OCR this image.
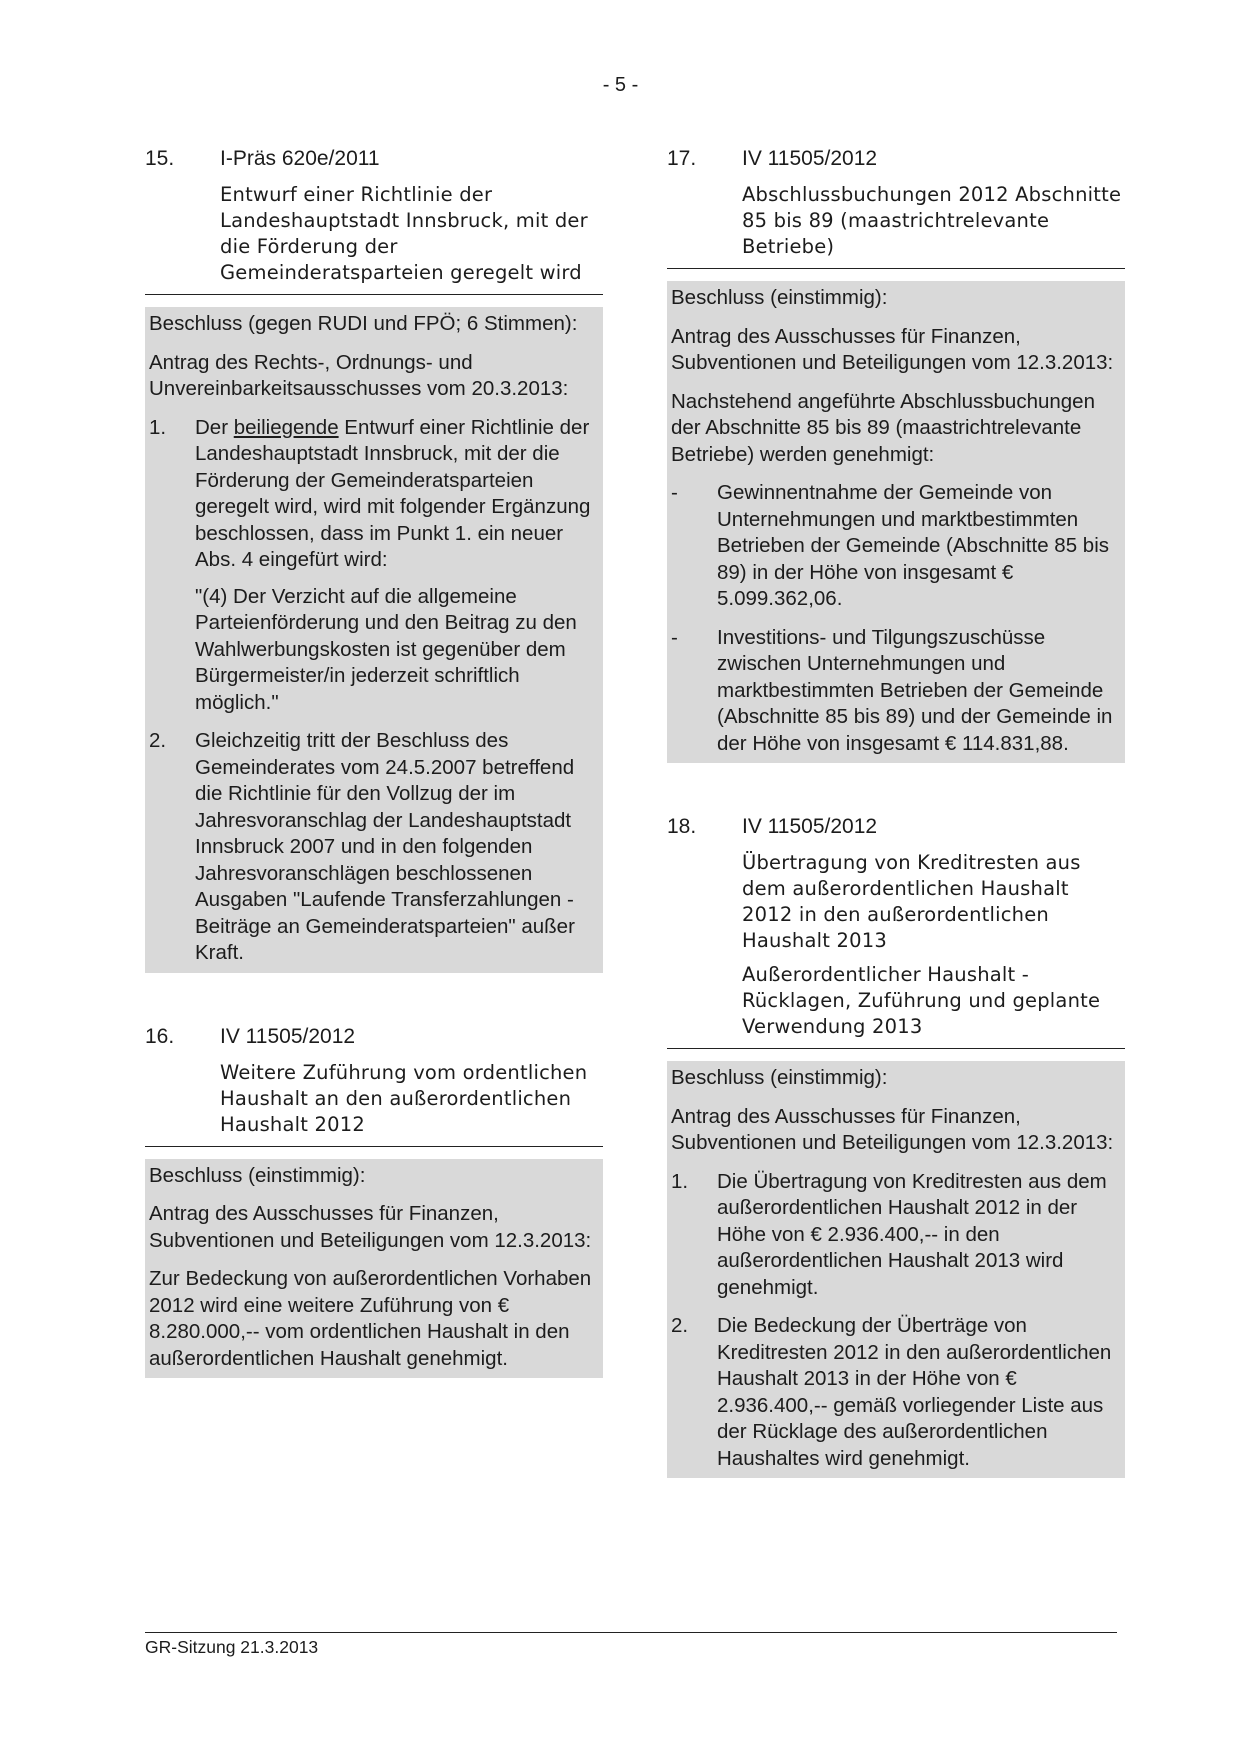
- 5 -
15.	I-Präs 620e/2011
Entwurf einer Richtlinie der Landeshauptstadt Innsbruck, mit der die Förderung der Gemeinderatsparteien geregelt wird

Beschluss (gegen RUDI und FPÖ; 6 Stimmen):

Antrag des Rechts-, Ordnungs- und Unvereinbarkeitsausschusses vom 20.3.2013:

1.	Der beiliegende Entwurf einer Richtlinie der Landeshauptstadt Innsbruck, mit der die Förderung der Gemeinderatsparteien geregelt wird, wird mit folgender Ergänzung beschlossen, dass im Punkt 1. ein neuer Abs. 4 eingefürt wird:
"(4) Der Verzicht auf die allgemeine Parteienförderung und den Beitrag zu den Wahlwerbungskosten ist gegenüber dem Bürgermeister/in jederzeit schriftlich möglich."
2.	Gleichzeitig tritt der Beschluss des Gemeinderates vom 24.5.2007 betreffend die Richtlinie für den Vollzug der im Jahresvoranschlag der Landeshauptstadt Innsbruck 2007 und in den folgenden Jahresvoranschlägen beschlossenen Ausgaben "Laufende Transferzahlungen - Beiträge an Gemeinderatsparteien" außer Kraft.
16.	IV 11505/2012
Weitere Zuführung vom ordentlichen Haushalt an den außerordentlichen Haushalt 2012

Beschluss (einstimmig):

Antrag des Ausschusses für Finanzen, Subventionen und Beteiligungen vom 12.3.2013:

Zur Bedeckung von außerordentlichen Vorhaben 2012 wird eine weitere Zuführung von € 8.280.000,-- vom ordentlichen Haushalt in den außerordentlichen Haushalt genehmigt.

17.	IV 11505/2012
Abschlussbuchungen 2012 Abschnitte 85 bis 89 (maastrichtrelevante Betriebe)

Beschluss (einstimmig):

Antrag des Ausschusses für Finanzen, Subventionen und Beteiligungen vom 12.3.2013:

Nachstehend angeführte Abschlussbuchungen der Abschnitte 85 bis 89 (maastrichtrelevante Betriebe) werden genehmigt:

-	Gewinnentnahme der Gemeinde von Unternehmungen und marktbestimmten Betrieben der Gemeinde (Abschnitte 85 bis 89) in der Höhe von insgesamt € 5.099.362,06.
-	Investitions- und Tilgungszuschüsse zwischen Unternehmungen und marktbestimmten Betrieben der Gemeinde (Abschnitte 85 bis 89) und der Gemeinde in der Höhe von insgesamt € 114.831,88.
18.	IV 11505/2012
Übertragung von Kreditresten aus dem außerordentlichen Haushalt 2012 in den außerordentlichen Haushalt 2013
Außerordentlicher Haushalt - Rücklagen, Zuführung und geplante Verwendung 2013

Beschluss (einstimmig):

Antrag des Ausschusses für Finanzen, Subventionen und Beteiligungen vom 12.3.2013:

1.	Die Übertragung von Kreditresten aus dem außerordentlichen Haushalt 2012 in der Höhe von € 2.936.400,-- in den außerordentlichen Haushalt 2013 wird genehmigt.
2.	Die Bedeckung der Überträge von Kreditresten 2012 in den außerordentlichen Haushalt 2013 in der Höhe von € 2.936.400,-- gemäß vorliegender Liste aus der Rücklage des außerordentlichen Haushaltes wird genehmigt.
GR-Sitzung 21.3.2013
